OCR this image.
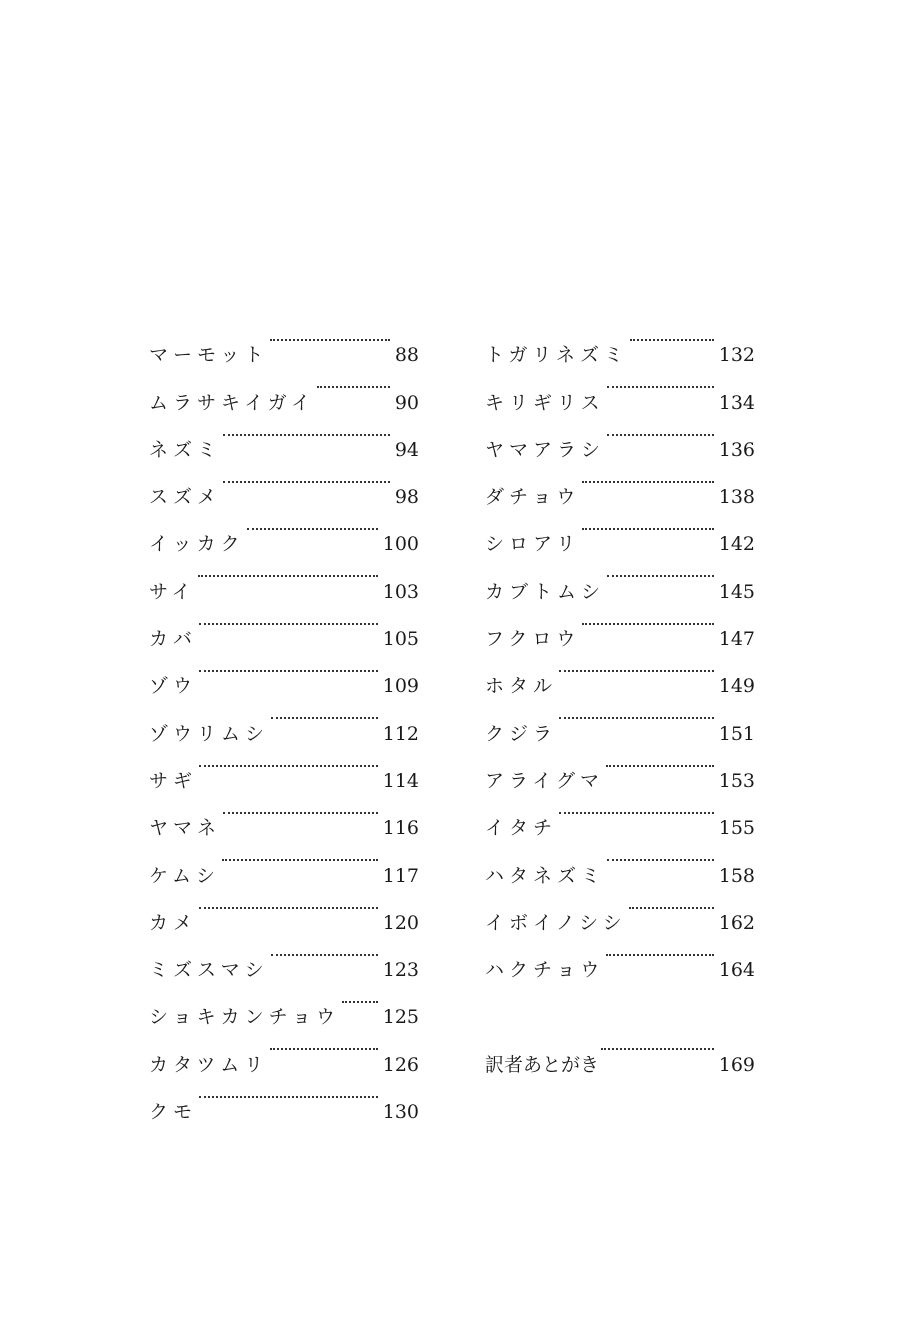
マーモット	88
ムラサキイガイ	90
ネズミ	94
スズメ	98
イッカク	100
サイ	103
カバ	105
ゾウ	109
ゾウリムシ	112
サギ	114
ヤマネ	116
ケムシ	117
カメ	120
ミズスマシ	123
ショキカンチョウ 125
カタツムリ	126
クモ	130
トガリネズミ	132
キリギリス	134
ヤマアラシ	136
ダチョウ	138
シロアリ	142
カブトムシ	145
フクロウ	147
ホタル	149
クジラ	151
アライグマ	153
イタチ	155
ハタネズミ	158
イボイノシシ	162
ハクチョウ	164
訳者あとがき	169
